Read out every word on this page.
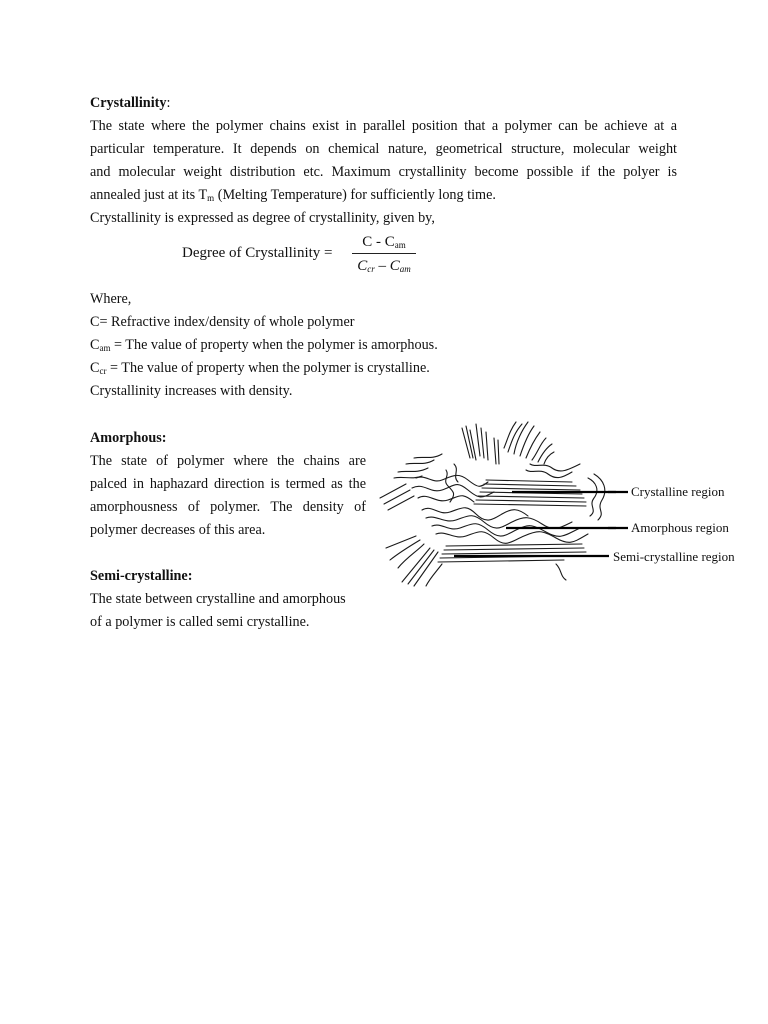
Crystallinity:
The state where the polymer chains exist in parallel position that a polymer can be achieve at a
particular temperature. It depends on chemical nature, geometrical structure, molecular weight
and molecular weight distribution etc. Maximum crystallinity become possible if the polyer is
annealed just at its $T_m$ (Melting Temperature) for sufficiently long time.
Crystallinity is expressed as degree of crystallinity, given by,
Degree of Crystallinity =
C - $C_{am}$
$C_{cr} - C_{am}$
Where,
C= Refractive index/density of whole polymer
$C_{am}$ = The value of property when the polymer is amorphous.
$C_{cr}$ = The value of property when the polymer is crystalline.
Crystallinity increases with density.
Amorphous:
The state of polymer where the chains are
palced in haphazard direction is termed as the
amorphousness of polymer. The density of
polymer decreases of this area.
Semi-crystalline:
The state between crystalline and amorphous
of a polymer is called semi crystalline.
Crystalline region
Amorphous region
Semi-crystalline region
